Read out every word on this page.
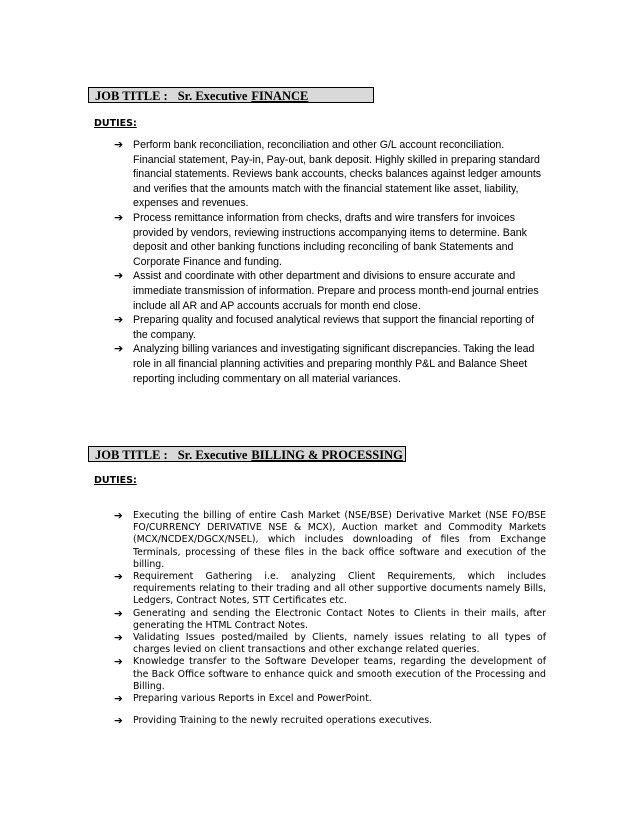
JOB TITLE : Sr. Executive FINANCE
DUTIES:
➔ Perform bank reconciliation, reconciliation and other G/L account reconciliation. Financial statement, Pay-in, Pay-out, bank deposit. Highly skilled in preparing standard financial statements. Reviews bank accounts, checks balances against ledger amounts and verifies that the amounts match with the financial statement like asset, liability, expenses and revenues.
➔ Process remittance information from checks, drafts and wire transfers for invoices provided by vendors, reviewing instructions accompanying items to determine. Bank deposit and other banking functions including reconciling of bank Statements and Corporate Finance and funding.
➔ Assist and coordinate with other department and divisions to ensure accurate and immediate transmission of information. Prepare and process month-end journal entries include all AR and AP accounts accruals for month end close.
➔ Preparing quality and focused analytical reviews that support the financial reporting of the company.
➔ Analyzing billing variances and investigating significant discrepancies. Taking the lead role in all financial planning activities and preparing monthly P&L and Balance Sheet reporting including commentary on all material variances.
JOB TITLE : Sr. Executive BILLING & PROCESSING
DUTIES:
➔ Executing the billing of entire Cash Market (NSE/BSE) Derivative Market (NSE FO/BSE FO/CURRENCY DERIVATIVE NSE & MCX), Auction market and Commodity Markets (MCX/NCDEX/DGCX/NSEL), which includes downloading of files from Exchange Terminals, processing of these files in the back office software and execution of the billing.
➔ Requirement Gathering i.e. analyzing Client Requirements, which includes requirements relating to their trading and all other supportive documents namely Bills, Ledgers, Contract Notes, STT Certificates etc.
➔ Generating and sending the Electronic Contact Notes to Clients in their mails, after generating the HTML Contract Notes.
➔ Validating Issues posted/mailed by Clients, namely issues relating to all types of charges levied on client transactions and other exchange related queries.
➔ Knowledge transfer to the Software Developer teams, regarding the development of the Back Office software to enhance quick and smooth execution of the Processing and Billing.
➔ Preparing various Reports in Excel and PowerPoint.
➔ Providing Training to the newly recruited operations executives.
